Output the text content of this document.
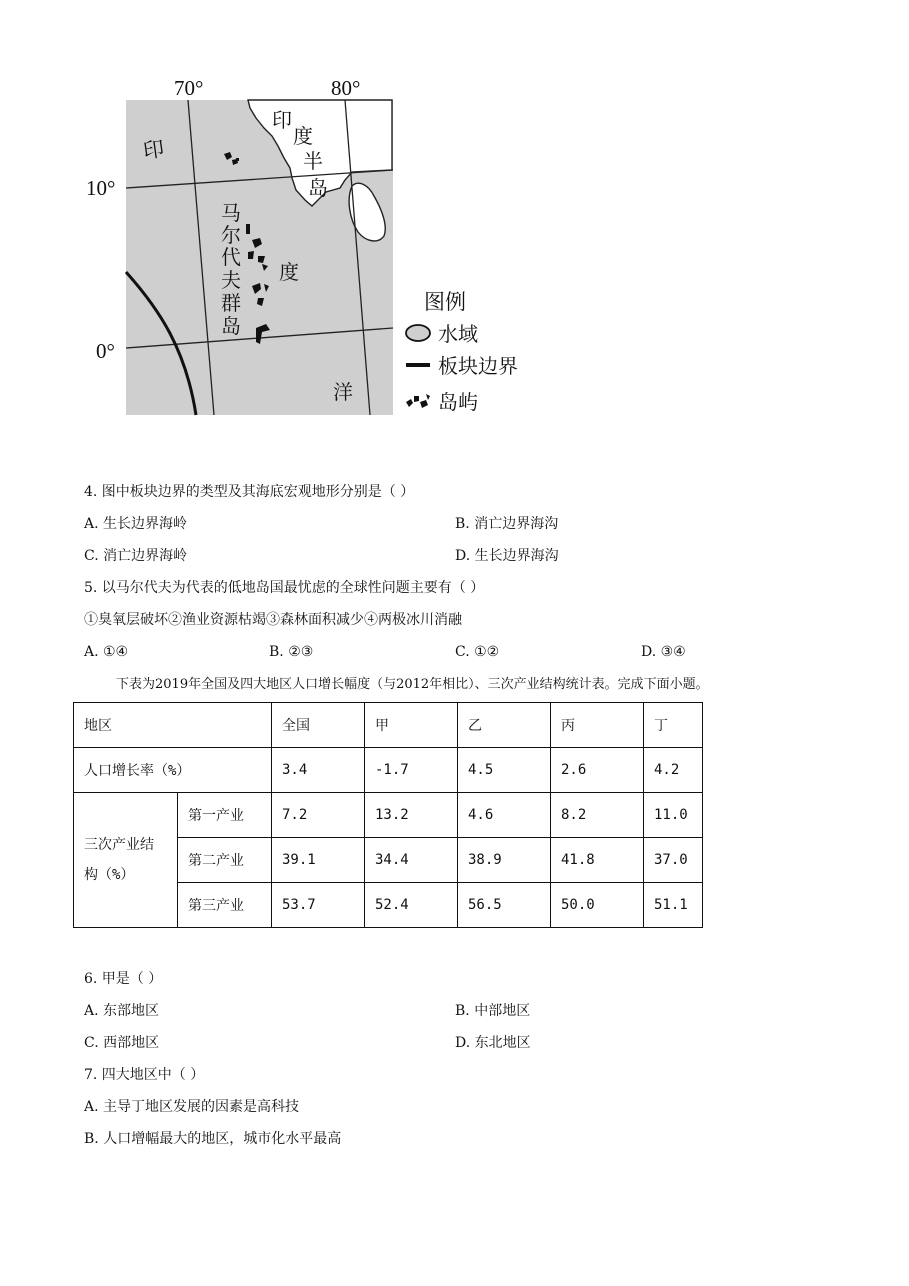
70°	80°
10°
0°
印
印
度
半
岛
马
尔
代
夫
群
岛
度
洋
图例
水域
板块边界
岛屿
4. 图中板块边界的类型及其海底宏观地形分别是（ ）
A. 生长边界海岭	B. 消亡边界海沟
C. 消亡边界海岭	D. 生长边界海沟
5. 以马尔代夫为代表的低地岛国最忧虑的全球性问题主要有（ ）
①臭氧层破坏②渔业资源枯竭③森林面积减少④两极冰川消融
A. ①④	B. ②③	C. ①②	D. ③④
下表为2019年全国及四大地区人口增长幅度（与2012年相比）、三次产业结构统计表。完成下面小题。
地区		全国	甲	乙	丙	丁
人口增长率（%）		3.4	-1.7	4.5	2.6	4.2

三次产业结
构（%）	第一产业	7.2	13.2	4.6	8.2	11.0
	第二产业	39.1	34.4	38.9	41.8	37.0
	第三产业	53.7	52.4	56.5	50.0	51.1
6. 甲是（ ）
A. 东部地区	B. 中部地区
C. 西部地区	D. 东北地区
7. 四大地区中（ ）
A. 主导丁地区发展的因素是高科技
B. 人口增幅最大的地区，城市化水平最高
